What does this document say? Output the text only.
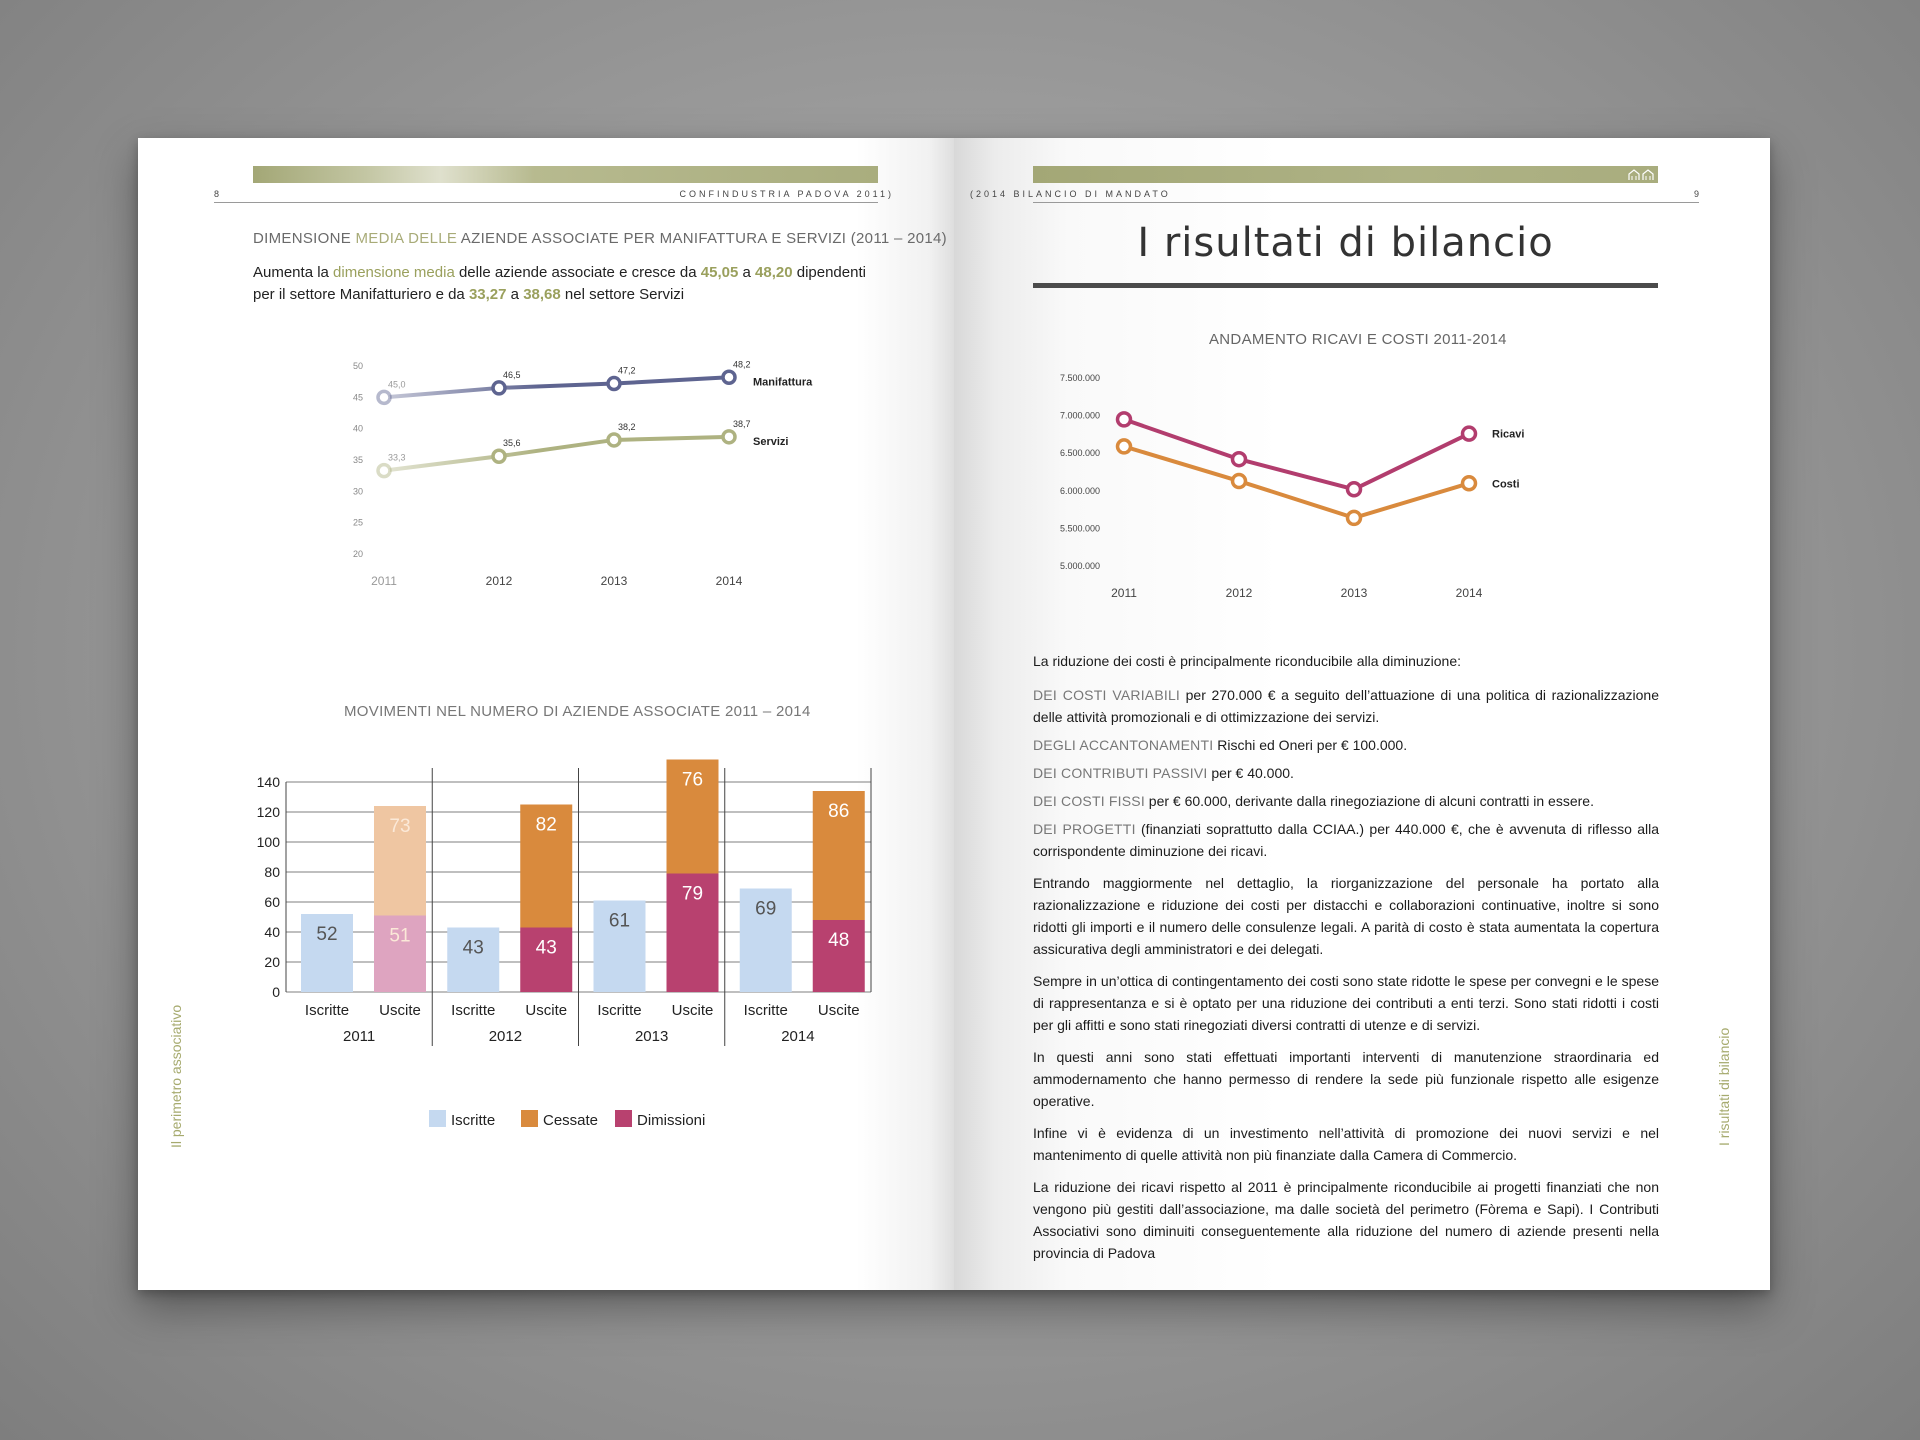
8	CONFINDUSTRIA PADOVA 2011)
DIMENSIONE MEDIA DELLE AZIENDE ASSOCIATE PER MANIFATTURA E SERVIZI (2011 – 2014)
Aumenta la dimensione media delle aziende associate e cresce da 45,05 a 48,20 dipendenti per il settore Manifatturiero e da 33,27 a 38,68 nel settore Servizi
50
45
40
35
30
25
20
2011	2012	2013	2014
45,0
46,5	47,2
48,2
Manifattura
33,3
35,6
38,2	38,7
Servizi
MOVIMENTI NEL NUMERO DI AZIENDE ASSOCIATE 2011 – 2014
0
20
40
60
80
100
120
140
52	51
73
Iscritte Uscite
2011
43	43
82
Iscritte Uscite
2012
61
79
76
Iscritte Uscite
2013
69
48
86
Iscritte Uscite
2014
Iscritte	Cessate	Dimissioni
Il perimetro associativo
(2014 BILANCIO DI MANDATO	9
I risultati di bilancio
ANDAMENTO RICAVI E COSTI 2011-2014
7.500.000
7.000.000
6.500.000
6.000.000
5.500.000
5.000.000
2011	2012	2013	2014
Ricavi
Costi

La riduzione dei costi è principalmente riconducibile alla diminuzione:

DEI COSTI VARIABILI per 270.000 € a seguito dell’attuazione di una politica di razionalizzazione delle attività promozionali e di ottimizzazione dei servizi.

DEGLI ACCANTONAMENTI Rischi ed Oneri per € 100.000.

DEI CONTRIBUTI PASSIVI per € 40.000.

DEI COSTI FISSI per € 60.000, derivante dalla rinegoziazione di alcuni contratti in essere.

DEI PROGETTI (finanziati soprattutto dalla CCIAA.) per 440.000 €, che è avvenuta di riflesso alla corrispondente diminuzione dei ricavi.

Entrando maggiormente nel dettaglio, la riorganizzazione del personale ha portato alla razionalizzazione e riduzione dei costi per distacchi e collaborazioni continuative, inoltre si sono ridotti gli importi e il numero delle consulenze legali. A parità di costo è stata aumentata la copertura assicurativa degli amministratori e dei delegati.

Sempre in un’ottica di contingentamento dei costi sono state ridotte le spese per convegni e le spese di rappresentanza e si è optato per una riduzione dei contributi a enti terzi. Sono stati ridotti i costi per gli affitti e sono stati rinegoziati diversi contratti di utenze e di servizi.

In questi anni sono stati effettuati importanti interventi di manutenzione straordinaria ed ammodernamento che hanno permesso di rendere la sede più funzionale rispetto alle esigenze operative.

Infine vi è evidenza di un investimento nell’attività di promozione dei nuovi servizi e nel mantenimento di quelle attività non più finanziate dalla Camera di Commercio.

La riduzione dei ricavi rispetto al 2011 è principalmente riconducibile ai progetti finanziati che non vengono più gestiti dall’associazione, ma dalle società del perimetro (Fòrema e Sapi). I Contributi Associativi sono diminuiti conseguentemente alla riduzione del numero di aziende presenti nella provincia di Padova

I risultati di bilancio
